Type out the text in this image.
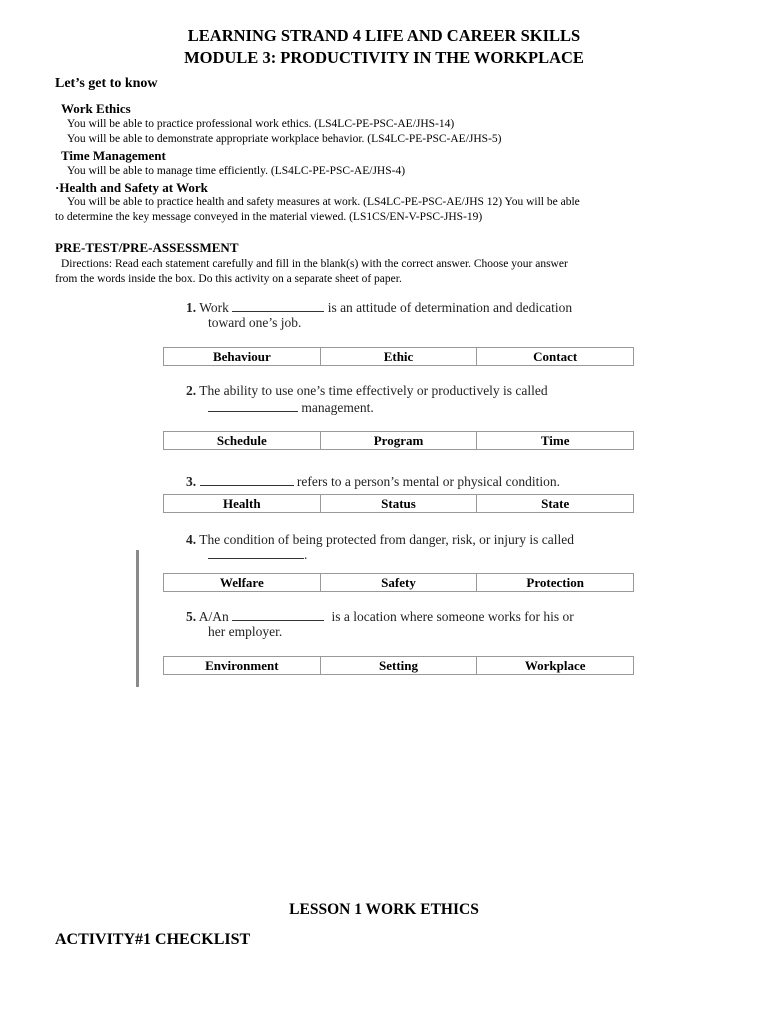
LEARNING STRAND 4 LIFE AND CAREER SKILLS
MODULE 3: PRODUCTIVITY IN THE WORKPLACE
Let’s get to know
Work Ethics
You will be able to practice professional work ethics. (LS4LC-PE-PSC-AE/JHS-14)
You will be able to demonstrate appropriate workplace behavior. (LS4LC-PE-PSC-AE/JHS-5)
Time Management
You will be able to manage time efficiently. (LS4LC-PE-PSC-AE/JHS-4)
·Health and Safety at Work
You will be able to practice health and safety measures at work. (LS4LC-PE-PSC-AE/JHS 12) You will be able
to determine the key message conveyed in the material viewed. (LS1CS/EN-V-PSC-JHS-19)
PRE-TEST/PRE-ASSESSMENT
Directions: Read each statement carefully and fill in the blank(s) with the correct answer. Choose your answer
from the words inside the box. Do this activity on a separate sheet of paper.
1. Work	is an attitude of determination and dedication
toward one’s job.
Behaviour	Ethic	Contact
2. The ability to use one’s time effectively or productively is called
management.
Schedule	Program	Time
3.	refers to a person’s mental or physical condition.
Health	Status	State
4. The condition of being protected from danger, risk, or injury is called
.
Welfare	Safety	Protection
5. A/An	is a location where someone works for his or
her employer.
Environment	Setting	Workplace
LESSON 1 WORK ETHICS
ACTIVITY#1 CHECKLIST
